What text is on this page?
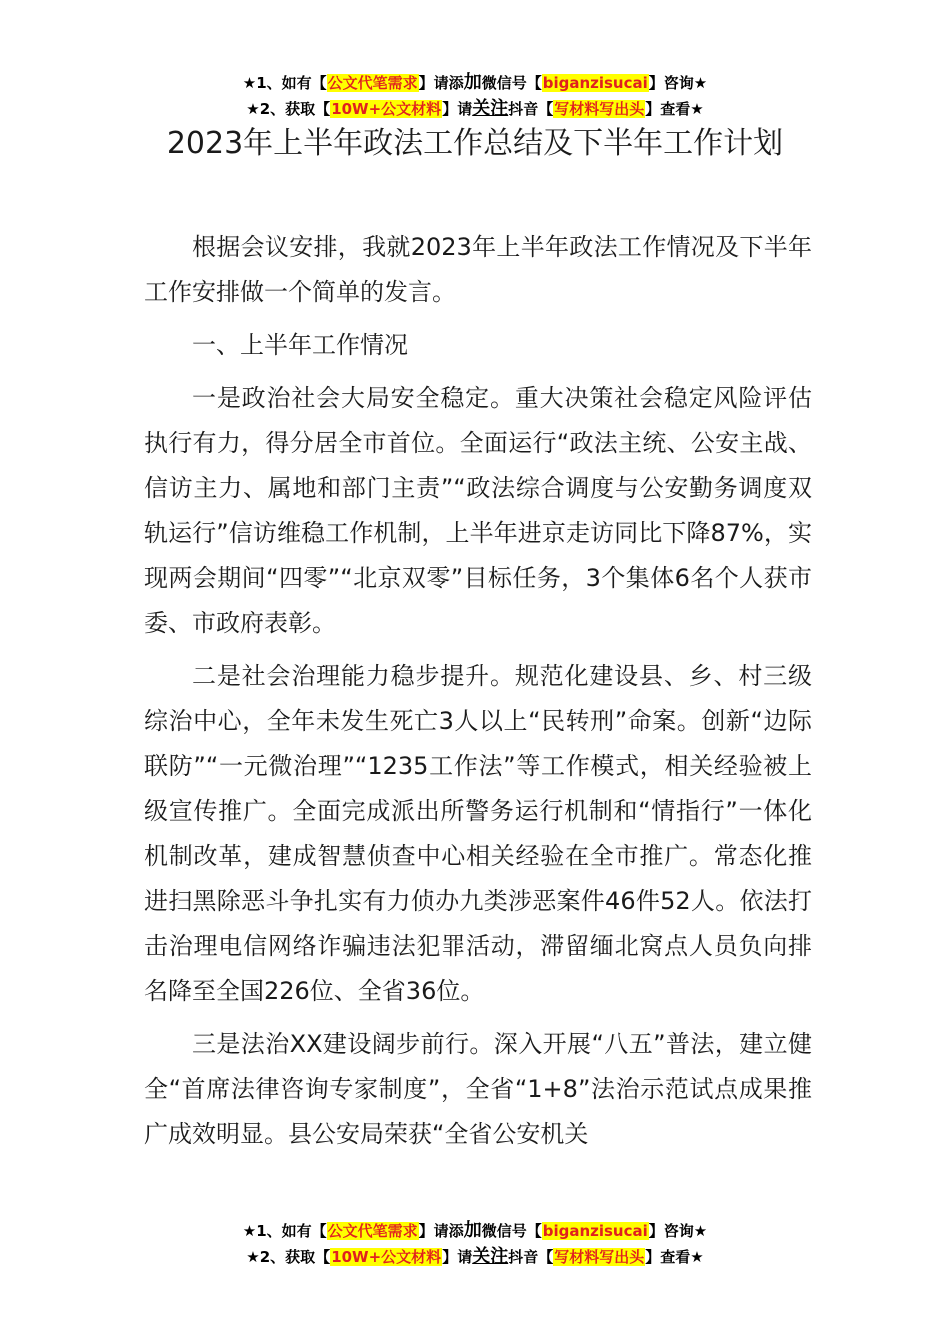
★1、如有【公文代笔需求】请添加微信号【biganzisucai】咨询★
★2、获取【10W+公文材料】请关注抖音【写材料写出头】查看★
2023年上半年政法工作总结及下半年工作计划

根据会议安排，我就2023年上半年政法工作情况及下半年工作安排做一个简单的发言。

一、上半年工作情况

一是政治社会大局安全稳定。重大决策社会稳定风险评估执行有力，得分居全市首位。全面运行“政法主统、公安主战、信访主力、属地和部门主责”“政法综合调度与公安勤务调度双轨运行”信访维稳工作机制，上半年进京走访同比下降87%，实现两会期间“四零”“北京双零”目标任务，3个集体6名个人获市委、市政府表彰。

二是社会治理能力稳步提升。规范化建设县、乡、村三级综治中心，全年未发生死亡3人以上“民转刑”命案。创新“边际联防”“一元微治理”“1235工作法”等工作模式，相关经验被上级宣传推广。全面完成派出所警务运行机制和“情指行”一体化机制改革，建成智慧侦查中心相关经验在全市推广。常态化推进扫黑除恶斗争扎实有力侦办九类涉恶案件46件52人。依法打击治理电信网络诈骗违法犯罪活动，滞留缅北窝点人员负向排名降至全国226位、全省36位。

三是法治XX建设阔步前行。深入开展“八五”普法，建立健全“首席法律咨询专家制度”，全省“1+8”法治示范试点成果推广成效明显。县公安局荣获“全省公安机关

★1、如有【公文代笔需求】请添加微信号【biganzisucai】咨询★
★2、获取【10W+公文材料】请关注抖音【写材料写出头】查看★
